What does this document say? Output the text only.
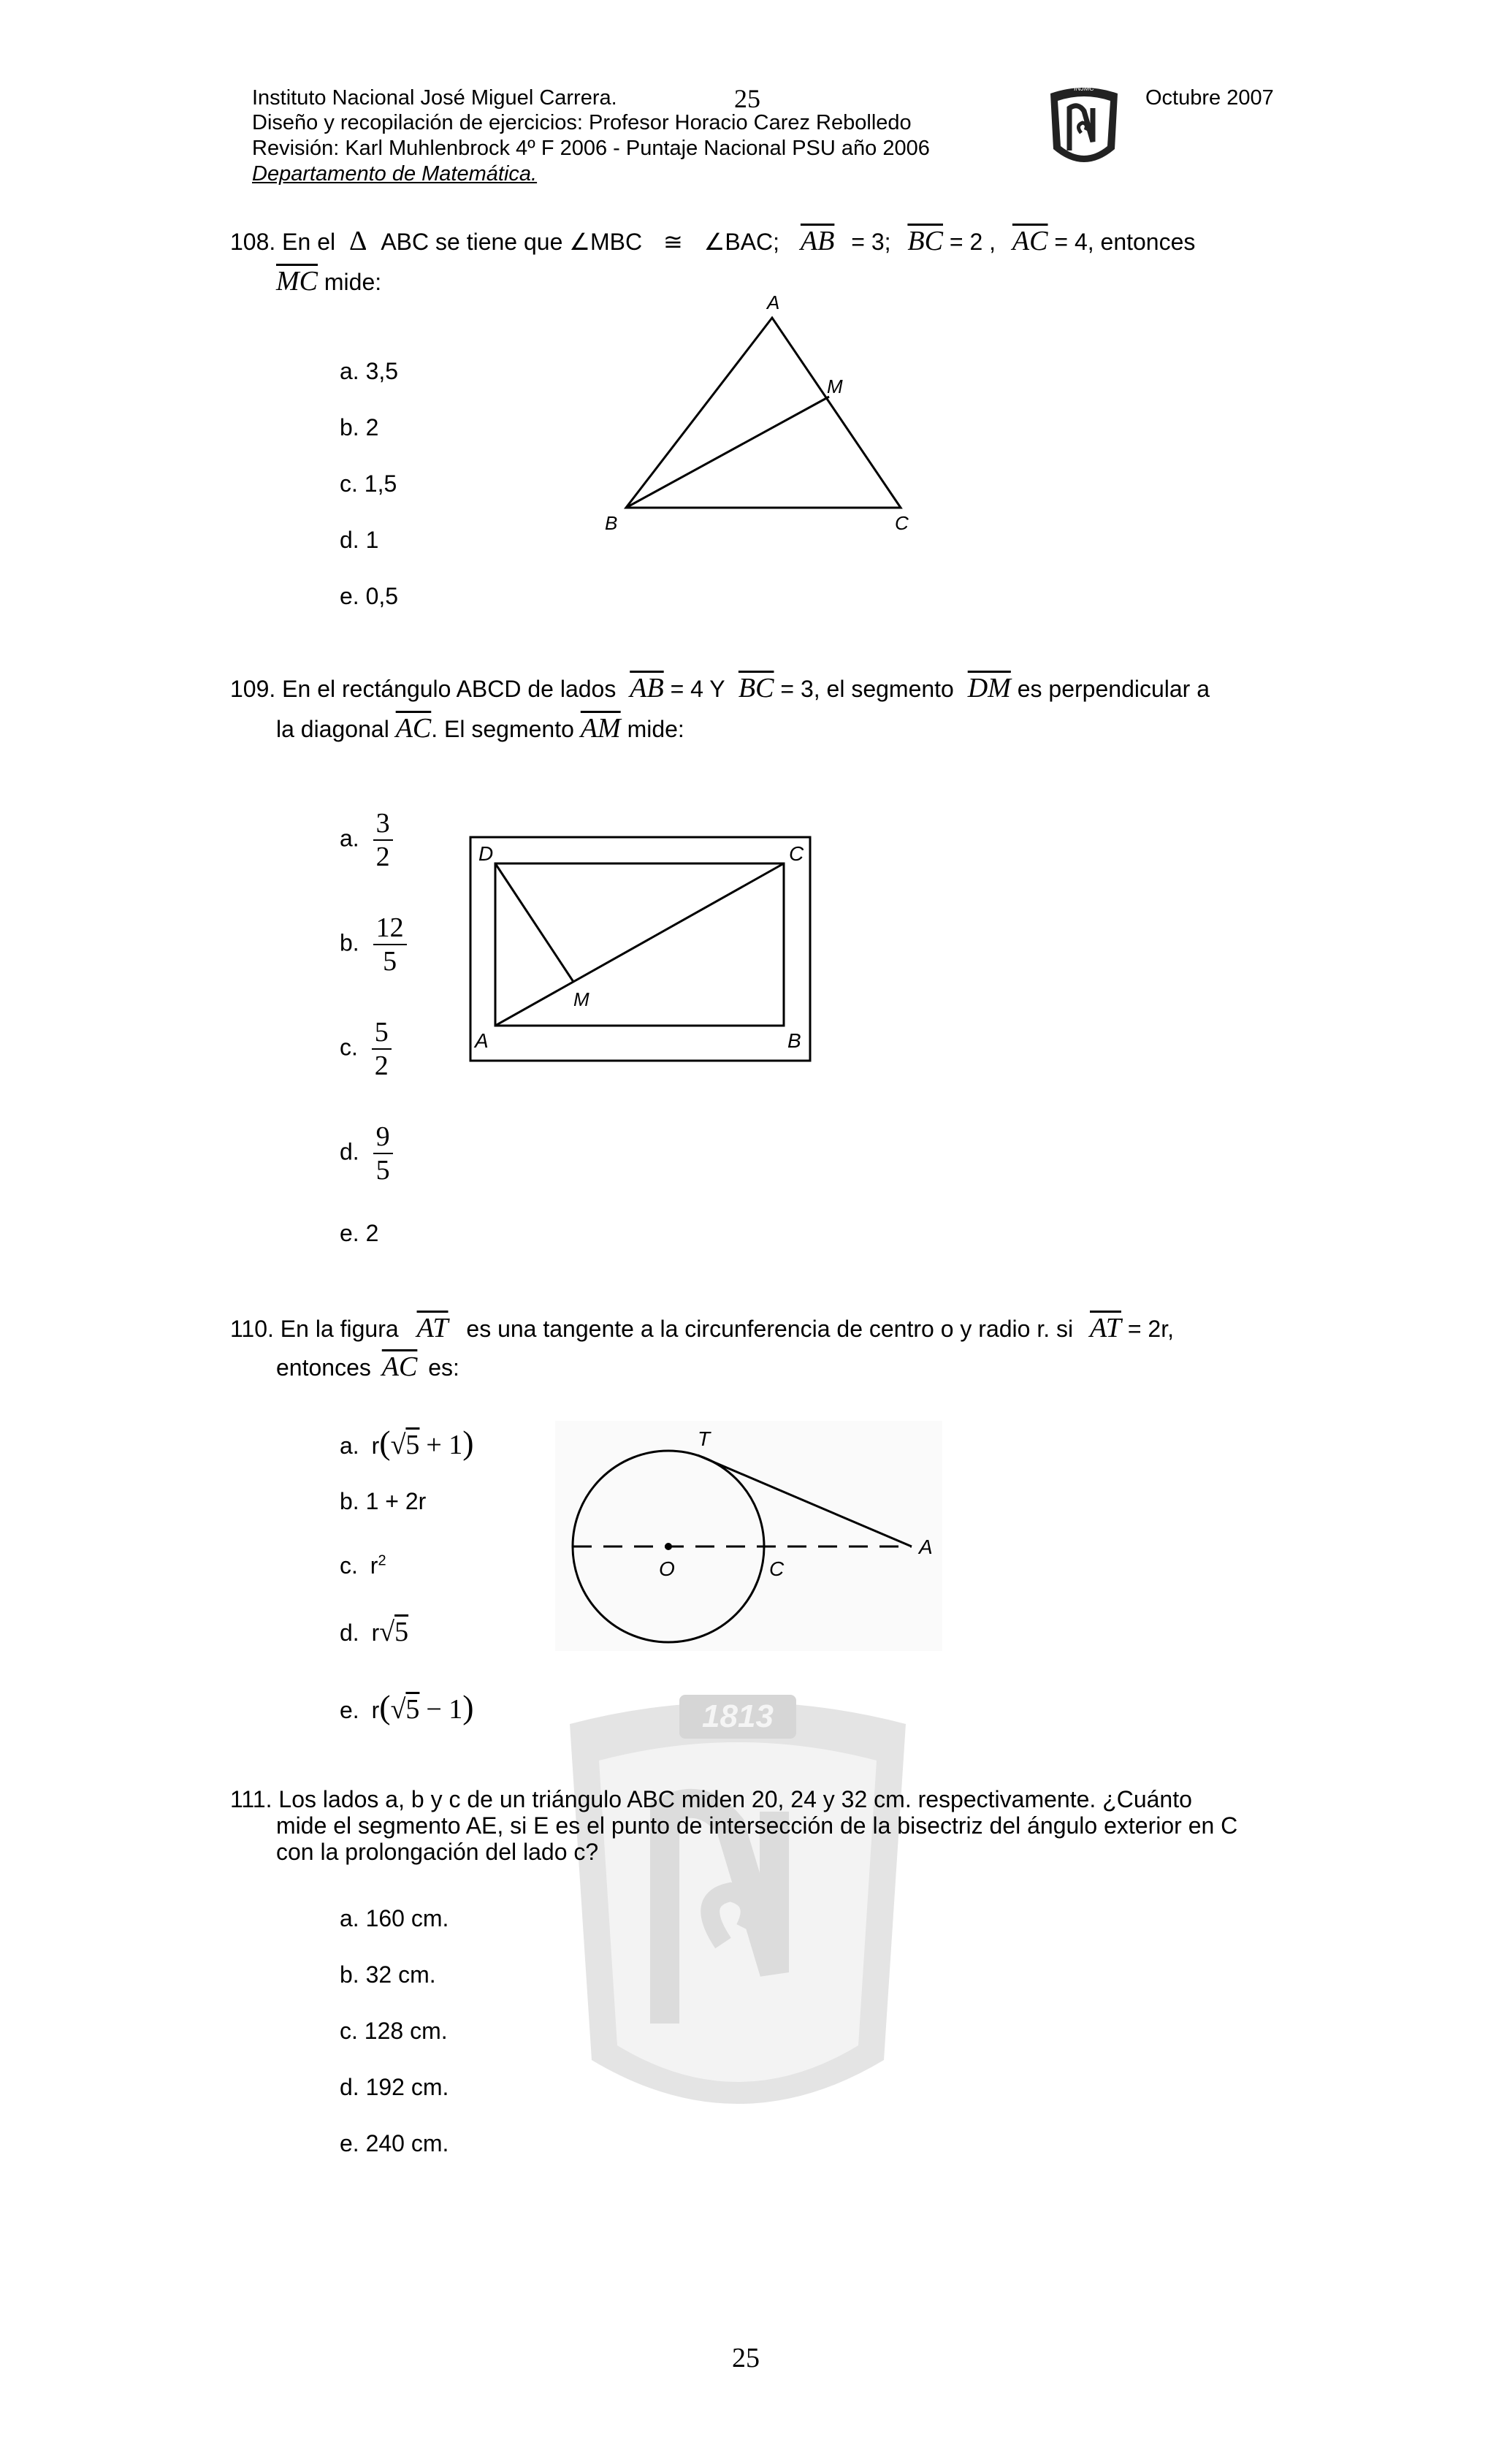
1813
Instituto Nacional José Miguel Carrera.	25	Octubre 2007
Diseño y recopilación de ejercicios: Profesor Horacio Carez Rebolledo
Revisión: Karl Muhlenbrock 4º F 2006 - Puntaje Nacional PSU año 2006
Departamento de Matemática.
INJMC
108. En el Δ ABC se tiene que ∠MBC ≅ ∠BAC; $\overline{AB} = 3$; $\overline{BC} = 2$ , $\overline{AC} = 4$, entonces
$\overline{MC}$ mide:
a. 3,5
b. 2
c. 1,5
d. 1
e. 0,5
A
M
B	C
109. En el rectángulo ABCD de lados $\overline{AB} = 4$ Y $\overline{BC} = 3$, el segmento $\overline{DM}$ es perpendicular a
la diagonal $\overline{AC}$. El segmento $\overline{AM}$ mide:
a. $\frac{3}{2}$
b. $\frac{12}{5}$
c. $\frac{5}{2}$
d. $\frac{9}{5}$
e. 2
D	C
M
A	B
110. En la figura $\overline{AT}$ es una tangente a la circunferencia de centro o y radio r. si $\overline{AT} = 2r$,
entonces $\overline{AC}$ es:
a. r(√5 + 1)
b. 1 + 2r
c. $r^2$
d. r√5
e. r(√5 − 1)
T
O	C
A
111. Los lados a, b y c de un triángulo ABC miden 20, 24 y 32 cm. respectivamente. ¿Cuánto
mide el segmento AE, si E es el punto de intersección de la bisectriz del ángulo exterior en C
con la prolongación del lado c?
a. 160 cm.
b. 32 cm.
c. 128 cm.
d. 192 cm.
e. 240 cm.
25
